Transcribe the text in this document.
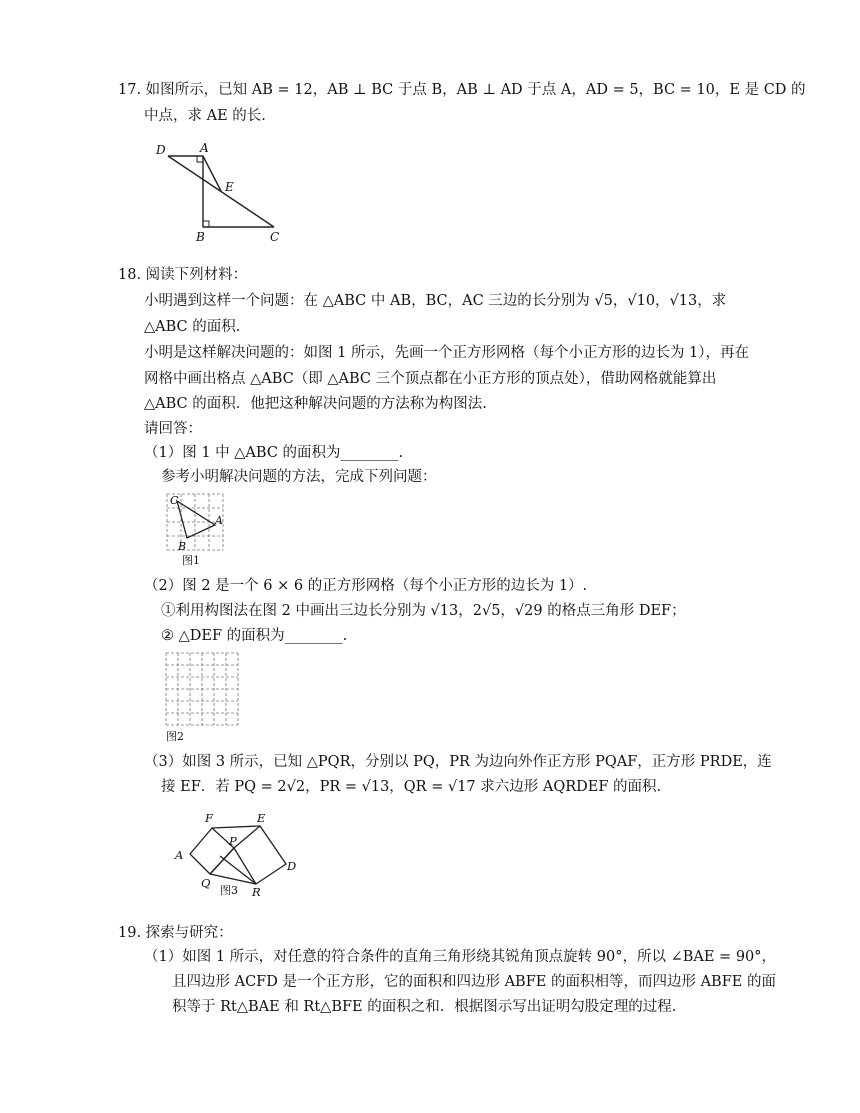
17. 如图所示，已知 AB = 12，AB ⊥ BC 于点 B，AB ⊥ AD 于点 A，AD = 5，BC = 10，E 是 CD 的
中点，求 AE 的长.
D	A
E
B	C
18. 阅读下列材料：
小明遇到这样一个问题：在 △ABC 中 AB，BC，AC 三边的长分别为 √5，√10，√13，求
△ABC 的面积.
小明是这样解决问题的：如图 1 所示，先画一个正方形网格（每个小正方形的边长为 1），再在
网格中画出格点 △ABC（即 △ABC 三个顶点都在小正方形的顶点处），借助网格就能算出
△ABC 的面积．他把这种解决问题的方法称为构图法.
请回答：
（1）图 1 中 △ABC 的面积为________.
参考小明解决问题的方法，完成下列问题：
C
A
B
图1
（2）图 2 是一个 6 × 6 的正方形网格（每个小正方形的边长为 1）.
①利用构图法在图 2 中画出三边长分别为 √13，2√5，√29 的格点三角形 DEF；
② △DEF 的面积为________.
图2
（3）如图 3 所示，已知 △PQR，分别以 PQ，PR 为边向外作正方形 PQAF，正方形 PRDE，连
接 EF．若 PQ = 2√2，PR = √13，QR = √17 求六边形 AQRDEF 的面积.
F	E
P
A
D
Q
R
图3
19. 探索与研究：
（1）如图 1 所示，对任意的符合条件的直角三角形绕其锐角顶点旋转 90°，所以 ∠BAE = 90°，
且四边形 ACFD 是一个正方形，它的面积和四边形 ABFE 的面积相等，而四边形 ABFE 的面
积等于 Rt△BAE 和 Rt△BFE 的面积之和．根据图示写出证明勾股定理的过程.
